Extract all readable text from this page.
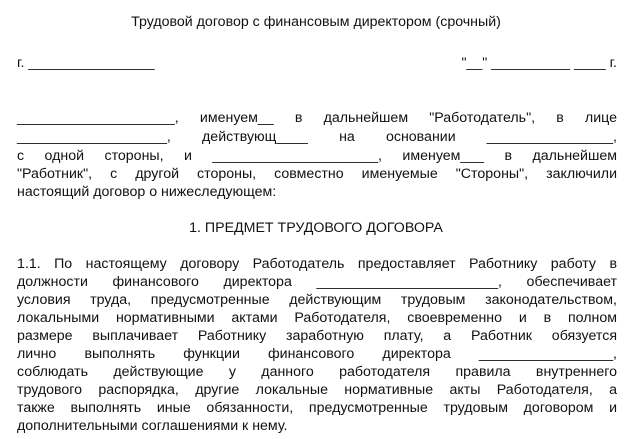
Трудовой договор с финансовым директором (срочный)
г. ________________	"__" __________ ____ г.
____________________, именуем__ в дальнейшем "Работодатель", в лице
___________________, действующ____ на основании ________________,
с одной стороны, и _____________________, именуем___ в дальнейшем
"Работник", с другой стороны, совместно именуемые "Стороны", заключили
настоящий договор о нижеследующем:
1. ПРЕДМЕТ ТРУДОВОГО ДОГОВОРА
1.1. По настоящему договору Работодатель предоставляет Работнику работу в
должности финансового директора _______________________, обеспечивает
условия труда, предусмотренные действующим трудовым законодательством,
локальными нормативными актами Работодателя, своевременно и в полном
размере выплачивает Работнику заработную плату, а Работник обязуется
лично выполнять функции финансового директора _________________,
соблюдать действующие у данного работодателя правила внутреннего
трудового распорядка, другие локальные нормативные акты Работодателя, а
также выполнять иные обязанности, предусмотренные трудовым договором и
дополнительными соглашениями к нему.
